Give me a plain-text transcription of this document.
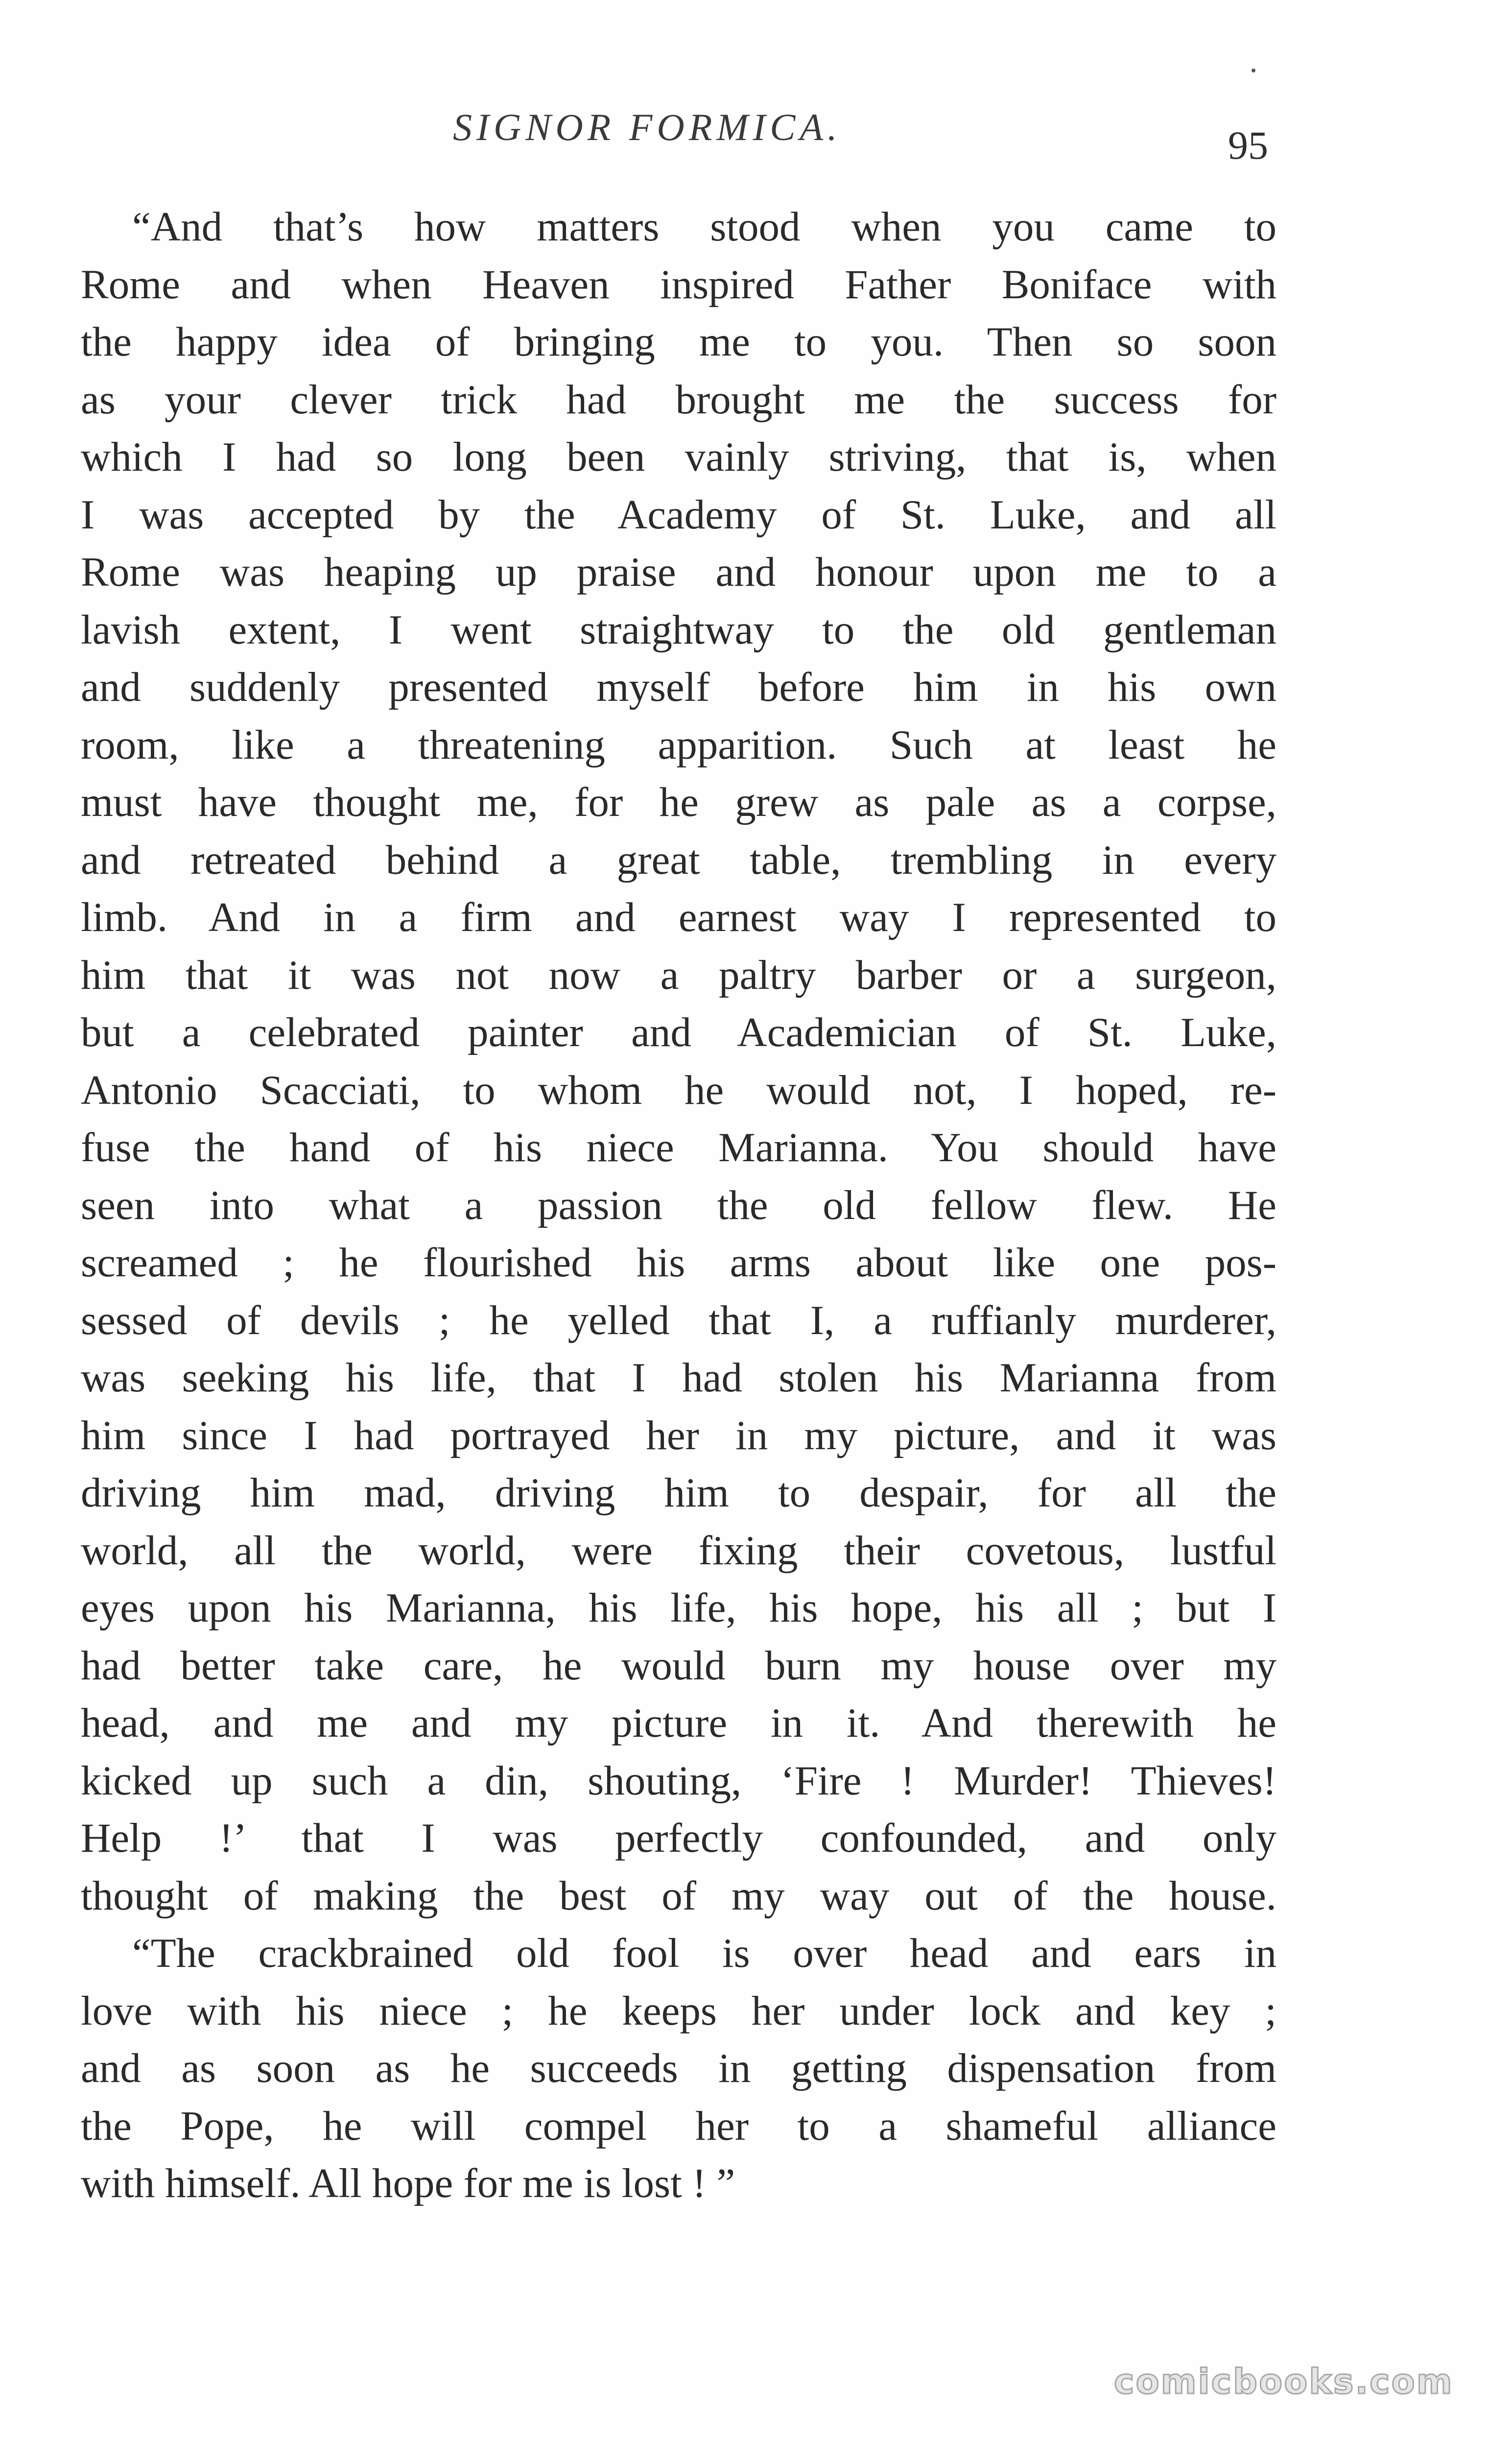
SIGNOR FORMICA.	95
“And that’s how matters stood when you came to
Rome and when Heaven inspired Father Boniface with
the happy idea of bringing me to you. Then so soon
as your clever trick had brought me the success for
which I had so long been vainly striving, that is, when
I was accepted by the Academy of St. Luke, and all
Rome was heaping up praise and honour upon me to a
lavish extent, I went straightway to the old gentleman
and suddenly presented myself before him in his own
room, like a threatening apparition. Such at least he
must have thought me, for he grew as pale as a corpse,
and retreated behind a great table, trembling in every
limb. And in a firm and earnest way I represented to
him that it was not now a paltry barber or a surgeon,
but a celebrated painter and Academician of St. Luke,
Antonio Scacciati, to whom he would not, I hoped, re-
fuse the hand of his niece Marianna. You should have
seen into what a passion the old fellow flew. He
screamed ; he flourished his arms about like one pos-
sessed of devils ; he yelled that I, a ruffianly murderer,
was seeking his life, that I had stolen his Marianna from
him since I had portrayed her in my picture, and it was
driving him mad, driving him to despair, for all the
world, all the world, were fixing their covetous, lustful
eyes upon his Marianna, his life, his hope, his all ; but I
had better take care, he would burn my house over my
head, and me and my picture in it. And therewith he
kicked up such a din, shouting, ‘Fire ! Murder! Thieves!
Help !’ that I was perfectly confounded, and only
thought of making the best of my way out of the house.
“The crackbrained old fool is over head and ears in
love with his niece ; he keeps her under lock and key ;
and as soon as he succeeds in getting dispensation from
the Pope, he will compel her to a shameful alliance
with himself. All hope for me is lost ! ”
comicbooks.com
